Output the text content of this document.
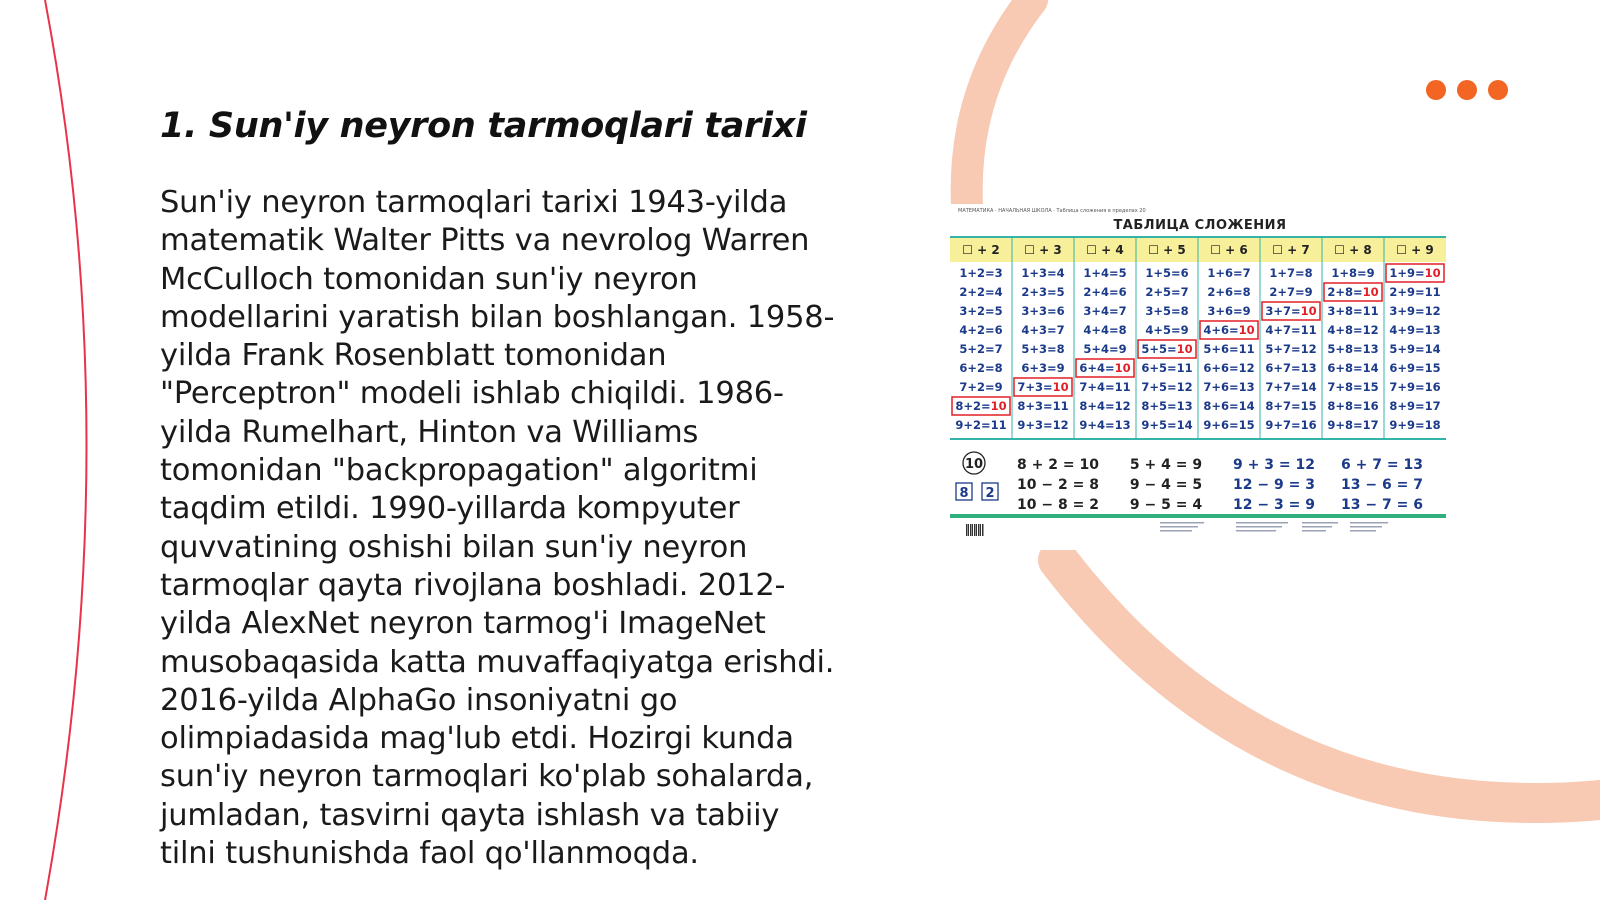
1. Sun'iy neyron tarmoqlari tarixi

Sun'iy neyron tarmoqlari tarixi 1943-yilda matematik Walter Pitts va nevrolog Warren McCulloch tomonidan sun'iy neyron modellarini yaratish bilan boshlangan. 1958-yilda Frank Rosenblatt tomonidan "Perceptron" modeli ishlab chiqildi. 1986-yilda Rumelhart, Hinton va Williams tomonidan "backpropagation" algoritmi taqdim etildi. 1990-yillarda kompyuter quvvatining oshishi bilan sun'iy neyron tarmoqlar qayta rivojlana boshladi. 2012-yilda AlexNet neyron tarmog'i ImageNet musobaqasida katta muvaffaqiyatga erishdi. 2016-yilda AlphaGo insoniyatni go olimpiadasida mag'lub etdi. Hozirgi kunda sun'iy neyron tarmoqlari ko'plab sohalarda, jumladan, tasvirni qayta ishlash va tabiiy tilni tushunishda faol qo'llanmoqda.

МАТЕМАТИКА · НАЧАЛЬНАЯ ШКОЛА · Таблица сложения в пределах 20
ТАБЛИЦА СЛОЖЕНИЯ
☐ + 2 ☐ + 3 ☐ + 4 ☐ + 5 ☐ + 6 ☐ + 7 ☐ + 8 ☐ + 9
1+2=3
2+2=4
3+2=5
4+2=6
5+2=7
6+2=8
7+2=9
8+2=10
9+2=11
1+3=4
2+3=5
3+3=6
4+3=7
5+3=8
6+3=9
7+3=10
8+3=11
9+3=12
1+4=5
2+4=6
3+4=7
4+4=8
5+4=9
6+4=10
7+4=11
8+4=12
9+4=13
1+5=6
2+5=7
3+5=8
4+5=9
5+5=10
6+5=11
7+5=12
8+5=13
9+5=14
1+6=7
2+6=8
3+6=9
4+6=10
5+6=11
6+6=12
7+6=13
8+6=14
9+6=15
1+7=8
2+7=9
3+7=10
4+7=11
5+7=12
6+7=13
7+7=14
8+7=15
9+7=16
1+8=9
2+8=10
3+8=11
4+8=12
5+8=13
6+8=14
7+8=15
8+8=16
9+8=17
1+9=10
2+9=11
3+9=12
4+9=13
5+9=14
6+9=15
7+9=16
8+9=17
9+9=18
10
8 2
8 + 2 = 10
10 − 2 = 8
10 − 8 = 2
5 + 4 = 9
9 − 4 = 5
9 − 5 = 4
9 + 3 = 12
12 − 9 = 3
12 − 3 = 9
6 + 7 = 13
13 − 6 = 7
13 − 7 = 6
